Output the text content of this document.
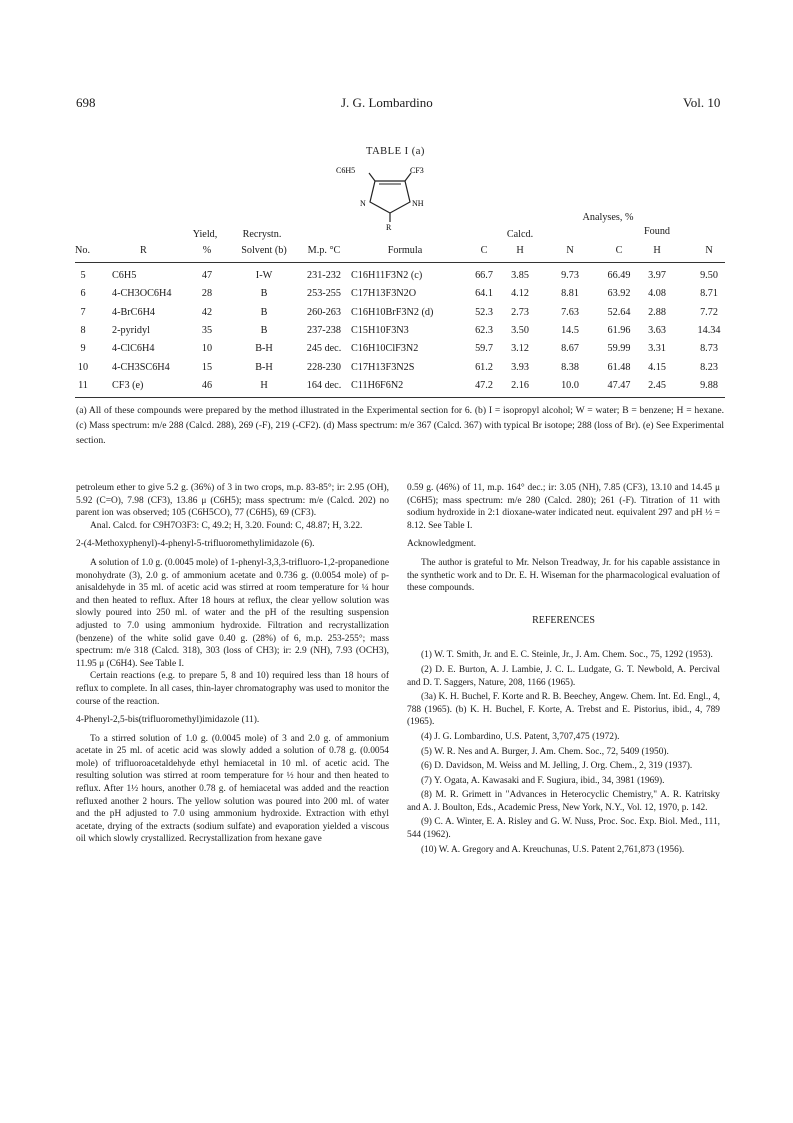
698	J. G. Lombardino	Vol. 10
TABLE I (a)
C6H5	CF3
N	NH
R
Analyses, %
Calcd.	Found
Yield, Recrystn.
No.	R	%	Solvent (b) M.p. °C	Formula	C	H	N	C	H	N
5	C6H5	47	I-W	231-232 C16H11F3N2 (c)	66.7 3.85	9.73	66.49 3.97	9.50
6	4-CH3OC6H4	28	B	253-255 C17H13F3N2O	64.1 4.12	8.81	63.92 4.08	8.71
7	4-BrC6H4	42	B	260-263 C16H10BrF3N2 (d)	52.3 2.73	7.63	52.64 2.88	7.72
8	2-pyridyl	35	B	237-238 C15H10F3N3	62.3 3.50	14.5	61.96 3.63	14.34
9	4-ClC6H4	10	B-H	245 dec. C16H10ClF3N2	59.7 3.12	8.67	59.99 3.31	8.73
10 4-CH3SC6H4	15	B-H	228-230 C17H13F3N2S	61.2 3.93	8.38	61.48 4.15	8.23
11 CF3 (e)	46	H	164 dec. C11H6F6N2	47.2 2.16	10.0	47.47 2.45	9.88
(a) All of these compounds were prepared by the method illustrated in the Experimental section for 6. (b) I = isopropyl alcohol; W = water; B = benzene; H = hexane. (c) Mass spectrum: m/e 288 (Calcd. 288), 269 (-F), 219 (-CF2). (d) Mass spectrum: m/e 367 (Calcd. 367) with typical Br isotope; 288 (loss of Br). (e) See Experimental section.

petroleum ether to give 5.2 g. (36%) of 3 in two crops, m.p. 83-85°; ir: 2.95 (OH), 5.92 (C=O), 7.98 (CF3), 13.86 μ (C6H5); mass spectrum: m/e (Calcd. 202) no parent ion was observed; 105 (C6H5CO), 77 (C6H5), 69 (CF3).

Anal. Calcd. for C9H7O3F3: C, 49.2; H, 3.20. Found: C, 48.87; H, 3.22.

2-(4-Methoxyphenyl)-4-phenyl-5-trifluoromethylimidazole (6).

A solution of 1.0 g. (0.0045 mole) of 1-phenyl-3,3,3-trifluoro-1,2-propanedione monohydrate (3), 2.0 g. of ammonium acetate and 0.736 g. (0.0054 mole) of p-anisaldehyde in 35 ml. of acetic acid was stirred at room temperature for ¼ hour and then heated to reflux. After 18 hours at reflux, the clear yellow solution was slowly poured into 250 ml. of water and the pH of the resulting suspension adjusted to 7.0 using ammonium hydroxide. Filtration and recrystallization (benzene) of the white solid gave 0.40 g. (28%) of 6, m.p. 253-255°; mass spectrum: m/e 318 (Calcd. 318), 303 (loss of CH3); ir: 2.9 (NH), 7.93 (OCH3), 11.95 μ (C6H4). See Table I.

Certain reactions (e.g. to prepare 5, 8 and 10) required less than 18 hours of reflux to complete. In all cases, thin-layer chromatography was used to monitor the course of the reaction.

4-Phenyl-2,5-bis(trifluoromethyl)imidazole (11).

To a stirred solution of 1.0 g. (0.0045 mole) of 3 and 2.0 g. of ammonium acetate in 25 ml. of acetic acid was slowly added a solution of 0.78 g. (0.0054 mole) of trifluoroacetaldehyde ethyl hemiacetal in 10 ml. of acetic acid. The resulting solution was stirred at room temperature for ½ hour and then heated to reflux. After 1½ hours, another 0.78 g. of hemiacetal was added and the reaction refluxed another 2 hours. The yellow solution was poured into 200 ml. of water and the pH adjusted to 7.0 using ammonium hydroxide. Extraction with ethyl acetate, drying of the extracts (sodium sulfate) and evaporation yielded a viscous oil which slowly crystallized. Recrystallization from hexane gave

0.59 g. (46%) of 11, m.p. 164° dec.; ir: 3.05 (NH), 7.85 (CF3), 13.10 and 14.45 μ (C6H5); mass spectrum: m/e 280 (Calcd. 280); 261 (-F). Titration of 11 with sodium hydroxide in 2:1 dioxane-water indicated neut. equivalent 297 and pH ½ = 8.12. See Table I.

Acknowledgment.

The author is grateful to Mr. Nelson Treadway, Jr. for his capable assistance in the synthetic work and to Dr. E. H. Wiseman for the pharmacological evaluation of these compounds.

REFERENCES

(1) W. T. Smith, Jr. and E. C. Steinle, Jr., J. Am. Chem. Soc., 75, 1292 (1953).

(2) D. E. Burton, A. J. Lambie, J. C. L. Ludgate, G. T. Newbold, A. Percival and D. T. Saggers, Nature, 208, 1166 (1965).

(3a) K. H. Buchel, F. Korte and R. B. Beechey, Angew. Chem. Int. Ed. Engl., 4, 788 (1965). (b) K. H. Buchel, F. Korte, A. Trebst and E. Pistorius, ibid., 4, 789 (1965).

(4) J. G. Lombardino, U.S. Patent, 3,707,475 (1972).

(5) W. R. Nes and A. Burger, J. Am. Chem. Soc., 72, 5409 (1950).

(6) D. Davidson, M. Weiss and M. Jelling, J. Org. Chem., 2, 319 (1937).

(7) Y. Ogata, A. Kawasaki and F. Sugiura, ibid., 34, 3981 (1969).

(8) M. R. Grimett in "Advances in Heterocyclic Chemistry," A. R. Katritsky and A. J. Boulton, Eds., Academic Press, New York, N.Y., Vol. 12, 1970, p. 142.

(9) C. A. Winter, E. A. Risley and G. W. Nuss, Proc. Soc. Exp. Biol. Med., 111, 544 (1962).

(10) W. A. Gregory and A. Kreuchunas, U.S. Patent 2,761,873 (1956).
